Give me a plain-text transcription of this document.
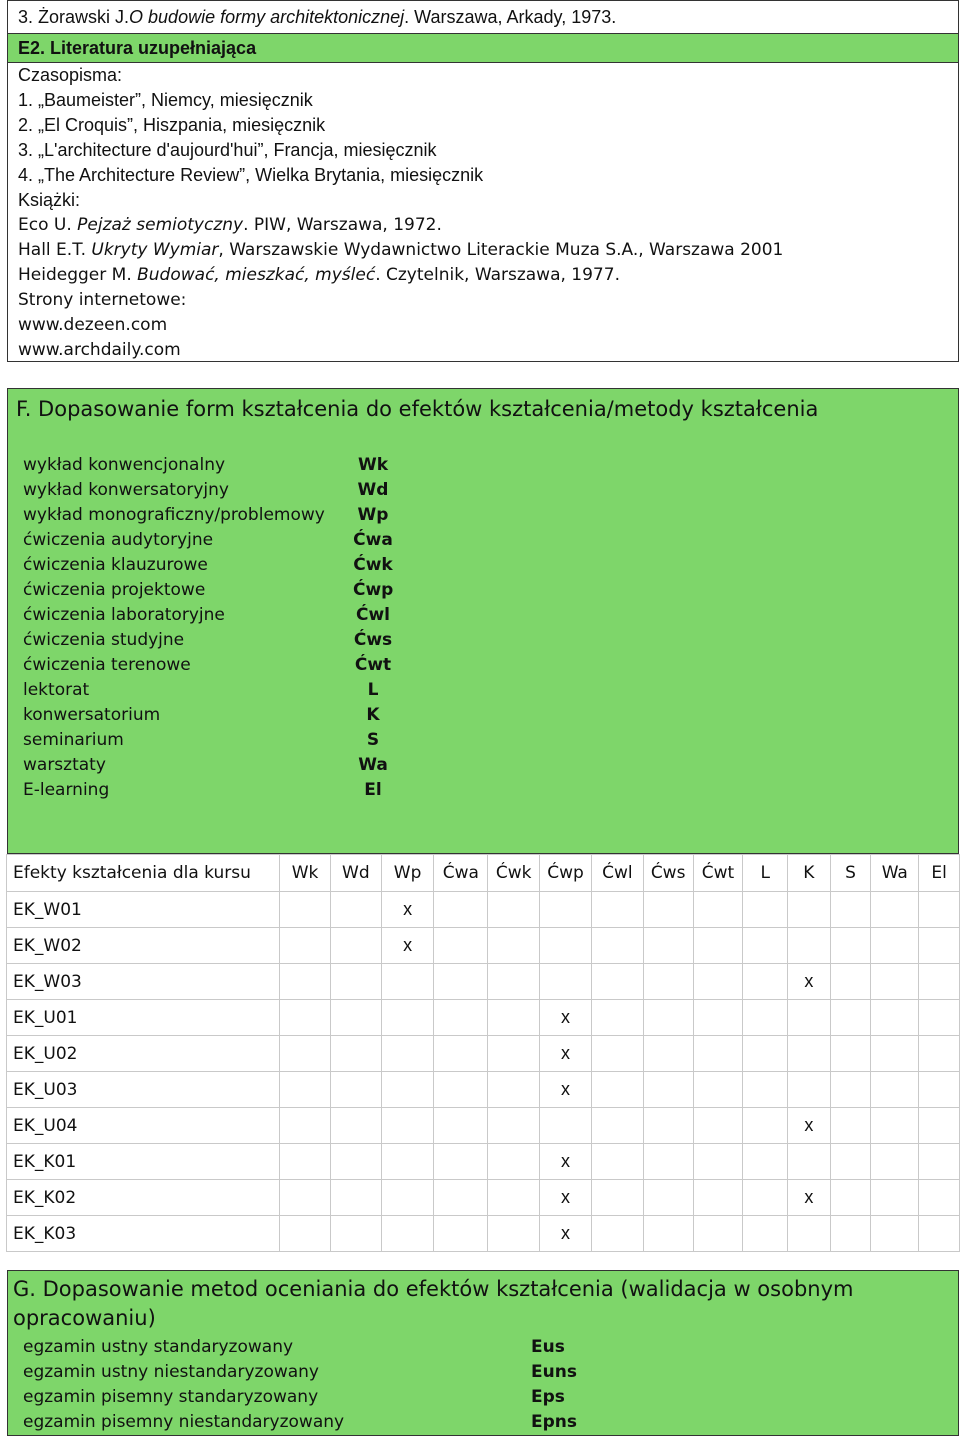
3. Żorawski J. O budowie formy architektonicznej . Warszawa, Arkady, 1973.
E2. Literatura uzupełniająca
Czasopisma:
1. „Baumeister”, Niemcy, miesięcznik
2. „El Croquis”, Hiszpania, miesięcznik
3. „L'architecture d'aujourd'hui”, Francja, miesięcznik
4. „The Architecture Review”, Wielka Brytania, miesięcznik
Książki:
Eco U. Pejzaż semiotyczny. PIW, Warszawa, 1972.
Hall E.T. Ukryty Wymiar, Warszawskie Wydawnictwo Literackie Muza S.A., Warszawa 2001
Heidegger M. Budować, mieszkać, myśleć. Czytelnik, Warszawa, 1977.
Strony internetowe:
www.dezeen.com
www.archdaily.com
F. Dopasowanie form kształcenia do efektów kształcenia/metody kształcenia
wykład konwencjonalny	Wk
wykład konwersatoryjny	Wd
wykład monograficzny/problemowy	Wp
ćwiczenia audytoryjne	Ćwa
ćwiczenia klauzurowe	Ćwk
ćwiczenia projektowe	Ćwp
ćwiczenia laboratoryjne	Ćwl
ćwiczenia studyjne	Ćws
ćwiczenia terenowe	Ćwt
lektorat	L
konwersatorium	K
seminarium	S
warsztaty	Wa
E-learning	El
Efekty kształcenia dla kursu	Wk	Wd	Wp	Ćwa	Ćwk	Ćwp	Ćwl	Ćws	Ćwt	L	K	S	Wa	El
EK_W01			x											
EK_W02			x											
EK_W03											x			
EK_U01						x								
EK_U02						x								
EK_U03						x								
EK_U04											x			
EK_K01						x								
EK_K02						x					x			
EK_K03						x								
G. Dopasowanie metod oceniania do efektów kształcenia (walidacja w osobnym opracowaniu)
egzamin ustny standaryzowany	Eus
egzamin ustny niestandaryzowany	Euns
egzamin pisemny standaryzowany	Eps
egzamin pisemny niestandaryzowany	Epns
